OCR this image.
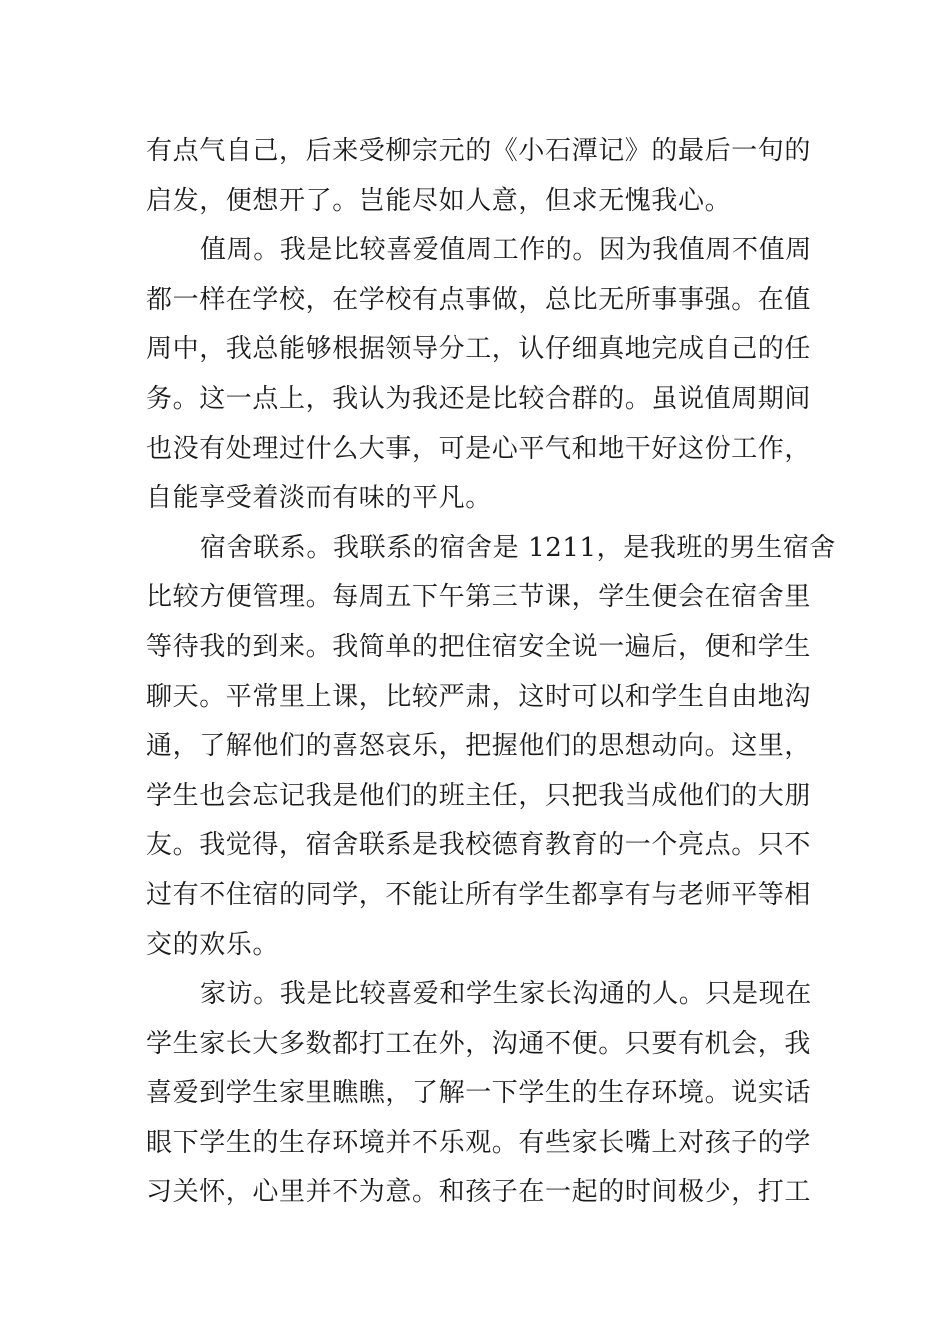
有点气自己，后来受柳宗元的《小石潭记》的最后一句的
启发，便想开了。岂能尽如人意，但求无愧我心。
值周。我是比较喜爱值周工作的。因为我值周不值周
都一样在学校，在学校有点事做，总比无所事事强。在值
周中，我总能够根据领导分工，认仔细真地完成自己的任
务。这一点上，我认为我还是比较合群的。虽说值周期间
也没有处理过什么大事，可是心平气和地干好这份工作，
自能享受着淡而有味的平凡。
宿舍联系。我联系的宿舍是 1211，是我班的男生宿舍
比较方便管理。每周五下午第三节课，学生便会在宿舍里
等待我的到来。我简单的把住宿安全说一遍后，便和学生
聊天。平常里上课，比较严肃，这时可以和学生自由地沟
通，了解他们的喜怒哀乐，把握他们的思想动向。这里，
学生也会忘记我是他们的班主任，只把我当成他们的大朋
友。我觉得，宿舍联系是我校德育教育的一个亮点。只不
过有不住宿的同学，不能让所有学生都享有与老师平等相
交的欢乐。
家访。我是比较喜爱和学生家长沟通的人。只是现在
学生家长大多数都打工在外，沟通不便。只要有机会，我
喜爱到学生家里瞧瞧，了解一下学生的生存环境。说实话
眼下学生的生存环境并不乐观。有些家长嘴上对孩子的学
习关怀，心里并不为意。和孩子在一起的时间极少，打工
